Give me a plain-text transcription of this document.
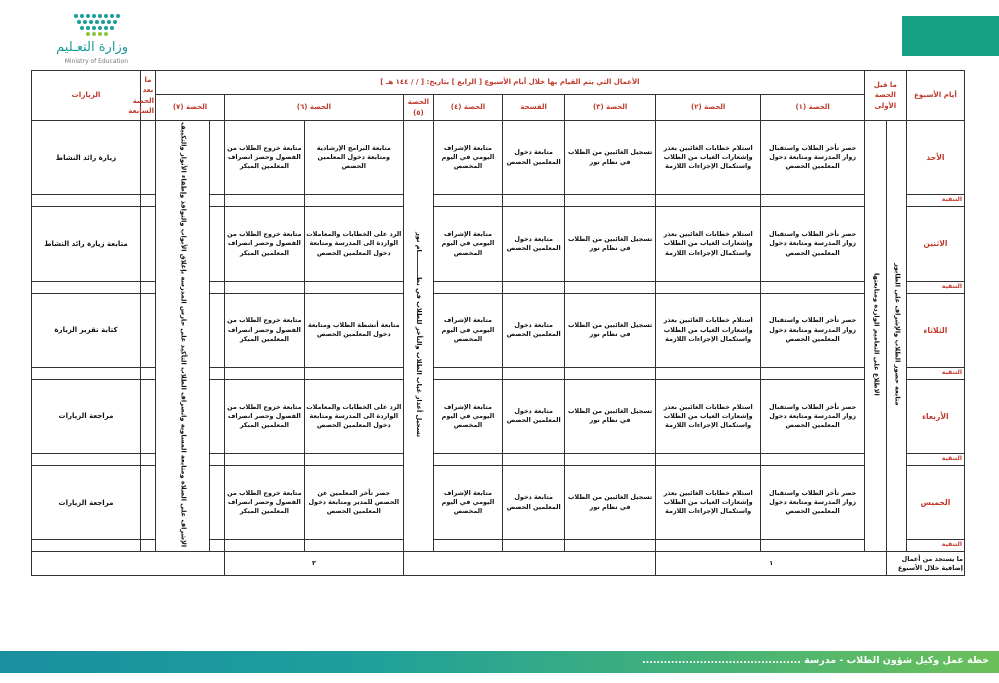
وزارة التعـليم
Ministry of Education
أيام الأسبوع	ما قبل الحصة الأولى		الأعمال التي يتم القيام بها خلال أيام الأسبوع [ الرابع ] بتاريخ: [ / / ١٤٤ هـ ]										ما بعد الحصة السابعة	الزيارات
			الحصة (١)	الحصة (٢)	الحصة (٣)	الفسحة	الحصة (٤)	الحصة (٥)	الحصة (٦)		الحصة (٧)			
الأحد	متابعة حضور الطلاب والإشراف على الطابور	الاطلاع على التعاميم الواردة ومتابعتها	حصر تأخر الطلاب واستقبال زوار المدرسة ومتابعة دخول المعلمين الحصص	استلام خطابات الغائبين بعذر وإشعارات الغياب من الطلاب واستكمال الإجراءات اللازمة	تسجيل الغائبين من الطلاب في نظام نور	متابعة دخول المعلمين الحصص	متابعة الإشراف اليومي في اليوم المخصص	تسجيل أعذار غياب الطلاب والتأخر للطلاب في نظـــــــــــام نور	متابعة البرامج الإرشادية ومتابعة دخول المعلمين الحصص	متابعة خروج الطلاب من الفصول وحصر انصراف المعلمين المبكر		الإشراف على الصلاة ومتابعة المساوية وانصراف الطلاب التأكيد على حارس المدرسة بإغلاق الأبواب والنوافذ وإطفاء الأنوار والتكييف		زيارة رائد النشاط
التنقية														
الاثنين			حصر تأخر الطلاب واستقبال زوار المدرسة ومتابعة دخول المعلمين الحصص	استلام خطابات الغائبين بعذر وإشعارات الغياب من الطلاب واستكمال الإجراءات اللازمة	تسجيل الغائبين من الطلاب في نظام نور	متابعة دخول المعلمين الحصص	متابعة الإشراف اليومي في اليوم المخصص		الرد على الخطابات والمعاملات الواردة الى المدرسة ومتابعة دخول المعلمين الحصص	متابعة خروج الطلاب من الفصول وحصر انصراف المعلمين المبكر				متابعة زيارة رائد النشاط
التنقية														
الثلاثاء			حصر تأخر الطلاب واستقبال زوار المدرسة ومتابعة دخول المعلمين الحصص	استلام خطابات الغائبين بعذر وإشعارات الغياب من الطلاب واستكمال الإجراءات اللازمة	تسجيل الغائبين من الطلاب في نظام نور	متابعة دخول المعلمين الحصص	متابعة الإشراف اليومي في اليوم المخصص		متابعة أنشطة الطلاب ومتابعة دخول المعلمين الحصص	متابعة خروج الطلاب من الفصول وحصر انصراف المعلمين المبكر				كتابة تقرير الزيارة
التنقية														
الأربعاء			حصر تأخر الطلاب واستقبال زوار المدرسة ومتابعة دخول المعلمين الحصص	استلام خطابات الغائبين بعذر وإشعارات الغياب من الطلاب واستكمال الإجراءات اللازمة	تسجيل الغائبين من الطلاب في نظام نور	متابعة دخول المعلمين الحصص	متابعة الإشراف اليومي في اليوم المخصص		الرد على الخطابات والمعاملات الواردة الى المدرسة ومتابعة دخول المعلمين الحصص	متابعة خروج الطلاب من الفصول وحصر انصراف المعلمين المبكر				مراجعة الزيارات
التنقية														
الخميس			حصر تأخر الطلاب واستقبال زوار المدرسة ومتابعة دخول المعلمين الحصص	استلام خطابات الغائبين بعذر وإشعارات الغياب من الطلاب واستكمال الإجراءات اللازمة	تسجيل الغائبين من الطلاب في نظام نور	متابعة دخول المعلمين الحصص	متابعة الإشراف اليومي في اليوم المخصص		حصر تأخر المعلمين عن الحصص للمدير ومتابعة دخول المعلمين الحصص	متابعة خروج الطلاب من الفصول وحصر انصراف المعلمين المبكر				مراجعة الزيارات
التنقية														
ما يستجد من أعمال إضافية خلال الأسبوع		١							٢					
خطة عمل وكيل شؤون الطلاب - مدرسة ............................................
